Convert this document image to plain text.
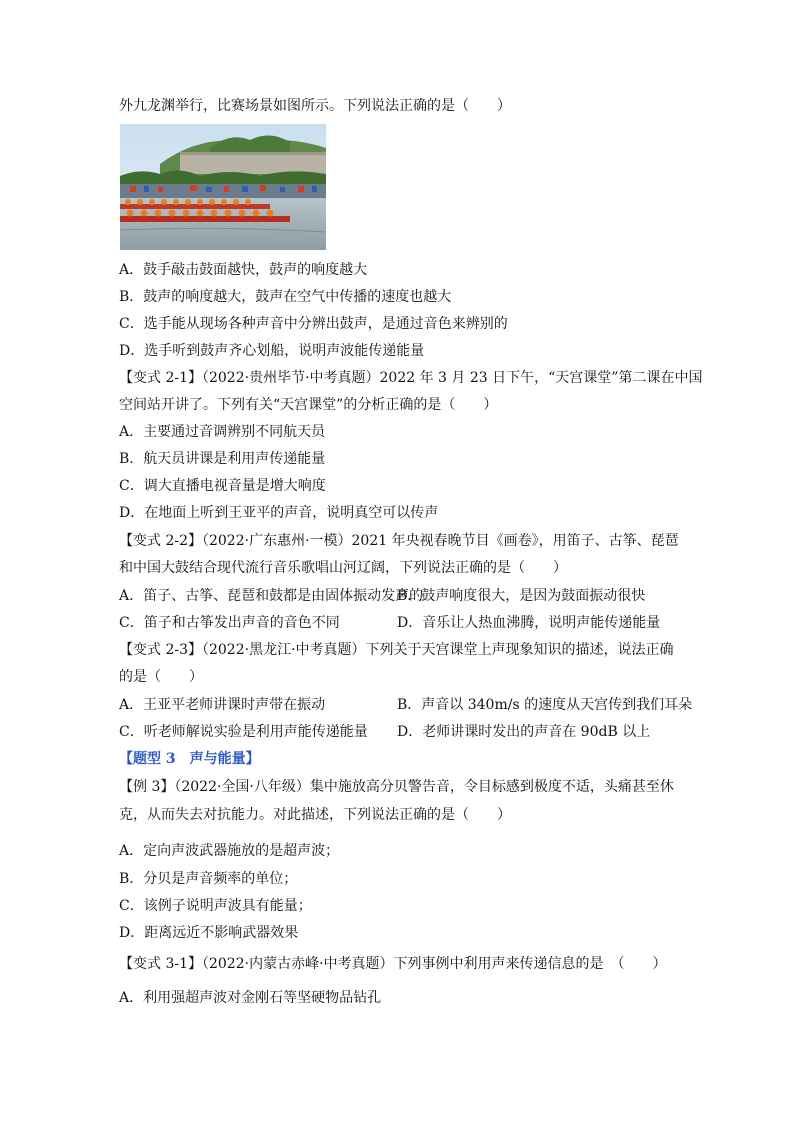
外九龙渊举行，比赛场景如图所示。下列说法正确的是（　　）
A．鼓手敲击鼓面越快，鼓声的响度越大
B．鼓声的响度越大，鼓声在空气中传播的速度也越大
C．选手能从现场各种声音中分辨出鼓声，是通过音色来辨别的
D．选手听到鼓声齐心划船，说明声波能传递能量
【变式 2-1】（2022·贵州毕节·中考真题）2022 年 3 月 23 日下午，“天宫课堂”第二课在中国
空间站开讲了。下列有关“天宫课堂”的分析正确的是（　　）
A．主要通过音调辨别不同航天员
B．航天员讲课是利用声传递能量
C．调大直播电视音量是增大响度
D．在地面上听到王亚平的声音，说明真空可以传声
【变式 2-2】（2022·广东惠州·一模）2021 年央视春晚节目《画卷》，用笛子、古筝、琵琶
和中国大鼓结合现代流行音乐歌唱山河辽阔，下列说法正确的是（　　）
A．笛子、古筝、琵琶和鼓都是由固体振动发声的
B．鼓声响度很大，是因为鼓面振动很快
C．笛子和古筝发出声音的音色不同	D．音乐让人热血沸腾，说明声能传递能量
【变式 2-3】（2022·黑龙江·中考真题）下列关于天宫课堂上声现象知识的描述，说法正确
的是（　　）
A．王亚平老师讲课时声带在振动	B．声音以 340m/s 的速度从天宫传到我们耳朵
C．听老师解说实验是利用声能传递能量 D．老师讲课时发出的声音在 90dB 以上
【题型 3　声与能量】
【例 3】（2022·全国·八年级）集中施放高分贝警告音，令目标感到极度不适，头痛甚至休
克，从而失去对抗能力。对此描述，下列说法正确的是（　　）
A．定向声波武器施放的是超声波；
B．分贝是声音频率的单位；
C．该例子说明声波具有能量；
D．距离远近不影响武器效果
【变式 3-1】（2022·内蒙古赤峰·中考真题）下列事例中利用声来传递信息的是　（　　）
A．利用强超声波对金刚石等坚硬物品钻孔
